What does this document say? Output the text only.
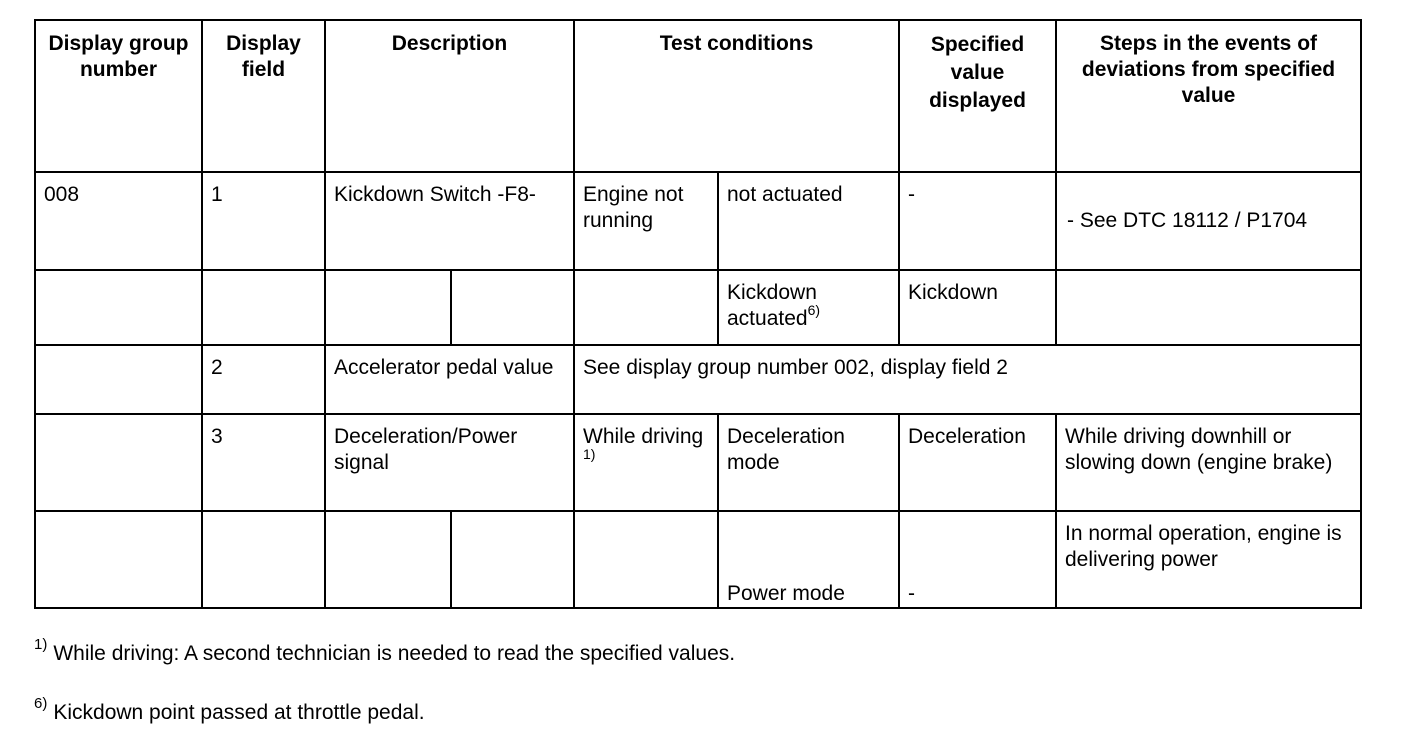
Display group number	Display field	Description		Test conditions		Specified
value
displayed	Steps in the events of deviations from specified value

008	1	Kickdown Switch -F8-		Engine not running	not actuated	-	- See DTC 18112 / P1704

					Kickdown actuated$^{6)}$	Kickdown	

	2	Accelerator pedal value		See display group number 002, display field 2			

	3	Deceleration/Power signal		While driving $^{1)}$	Deceleration mode	Deceleration	While driving downhill or slowing down (engine brake)

					Power mode	-	In normal operation, engine is delivering power
$^{1)}$ While driving: A second technician is needed to read the specified values.
$^{6)}$ Kickdown point passed at throttle pedal.
